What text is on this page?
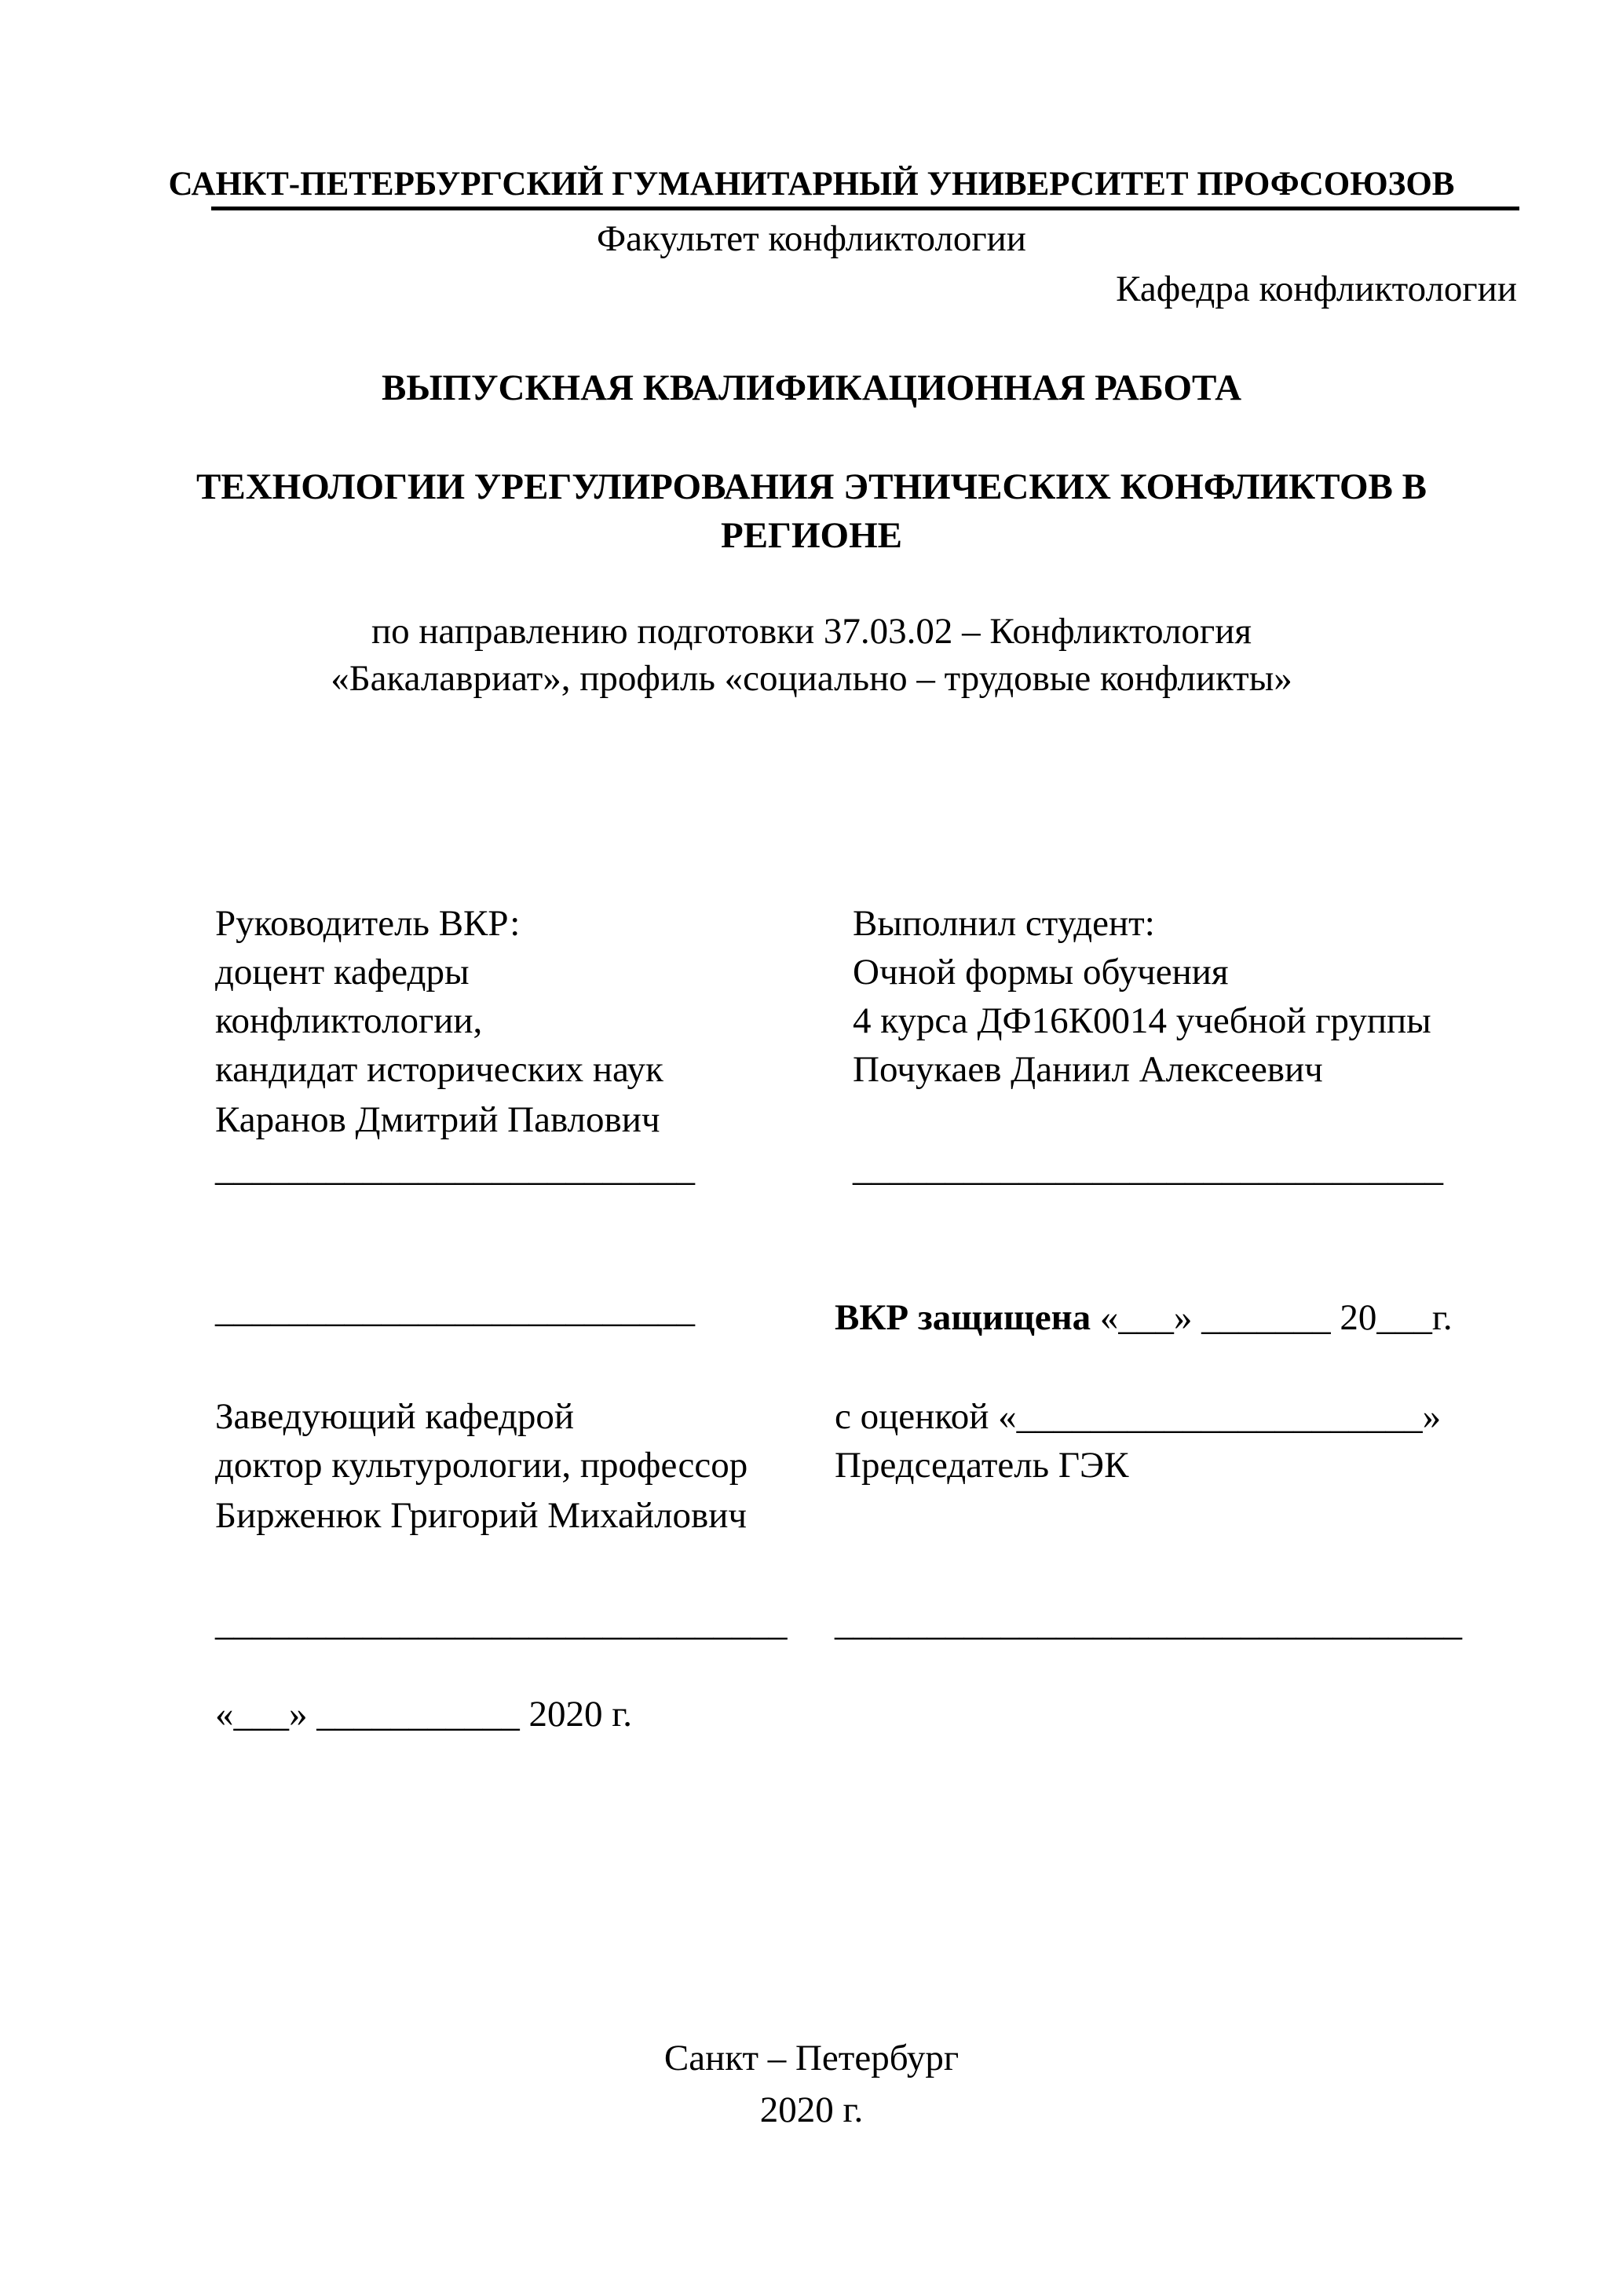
САНКТ-ПЕТЕРБУРГСКИЙ ГУМАНИТАРНЫЙ УНИВЕРСИТЕТ ПРОФСОЮЗОВ
Факультет конфликтологии
Кафедра конфликтологии
ВЫПУСКНАЯ КВАЛИФИКАЦИОННАЯ РАБОТА
ТЕХНОЛОГИИ УРЕГУЛИРОВАНИЯ ЭТНИЧЕСКИХ КОНФЛИКТОВ В
РЕГИОНЕ
по направлению подготовки 37.03.02 – Конфликтология
«Бакалавриат», профиль «социально – трудовые конфликты»
Руководитель ВКР:
доцент кафедры
конфликтологии,
кандидат исторических наук
Каранов Дмитрий Павлович
__________________________
__________________________
Выполнил студент:
Очной формы обучения
4 курса ДФ16К0014 учебной группы
Почукаев Даниил Алексеевич
________________________________
ВКР защищена «___» _______ 20___г.
Заведующий кафедрой
доктор культурологии, профессор
Бирженюк Григорий Михайлович
с оценкой «______________________»
Председатель ГЭК
_______________________________ __________________________________
«___» ___________ 2020 г.
Санкт – Петербург
2020 г.
